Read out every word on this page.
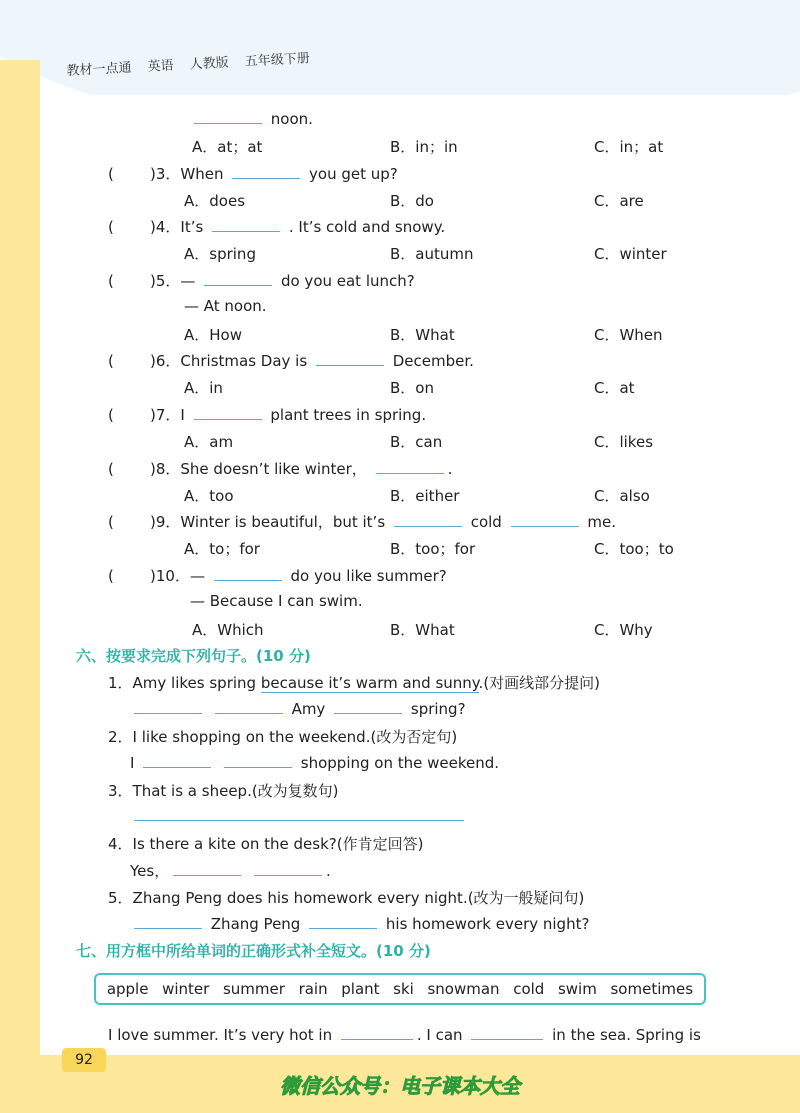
教材一点通 英语 人教版 五年级下册
noon.
A．at；at	B．in；in	C．in；at
( )3．When	you get up?
A．does	B．do	C．are
( )4．It’s	. It’s cold and snowy.
A．spring	B．autumn	C．winter
( )5．—	do you eat lunch?
— At noon.
A．How	B．What	C．When
( )6．Christmas Day is	December.
A．in	B．on	C．at
( )7．I	plant trees in spring.
A．am	B．can	C．likes
( )8．She doesn’t like winter，	.
A．too	B．either	C．also
( )9．Winter is beautiful，but it’s	cold	me.
A．to；for	B．too；for	C．too；to
( )10．—	do you like summer?
— Because I can swim.
A．Which	B．What	C．Why
六、按要求完成下列句子。(10 分)
1．Amy likes spring because it’s warm and sunny.(对画线部分提问)
Amy	spring?
2．I like shopping on the weekend.(改为否定句)
I	shopping on the weekend.
3．That is a sheep.(改为复数句)
4．Is there a kite on the desk?(作肯定回答)
Yes，	.
5．Zhang Peng does his homework every night.(改为一般疑问句)
Zhang Peng	his homework every night?
七、用方框中所给单词的正确形式补全短文。(10 分)
apple winter summer rain plant ski snowman cold swim sometimes
I love summer. It’s very hot in	. I can	in the sea. Spring is
92
微信公众号：电子课本大全
